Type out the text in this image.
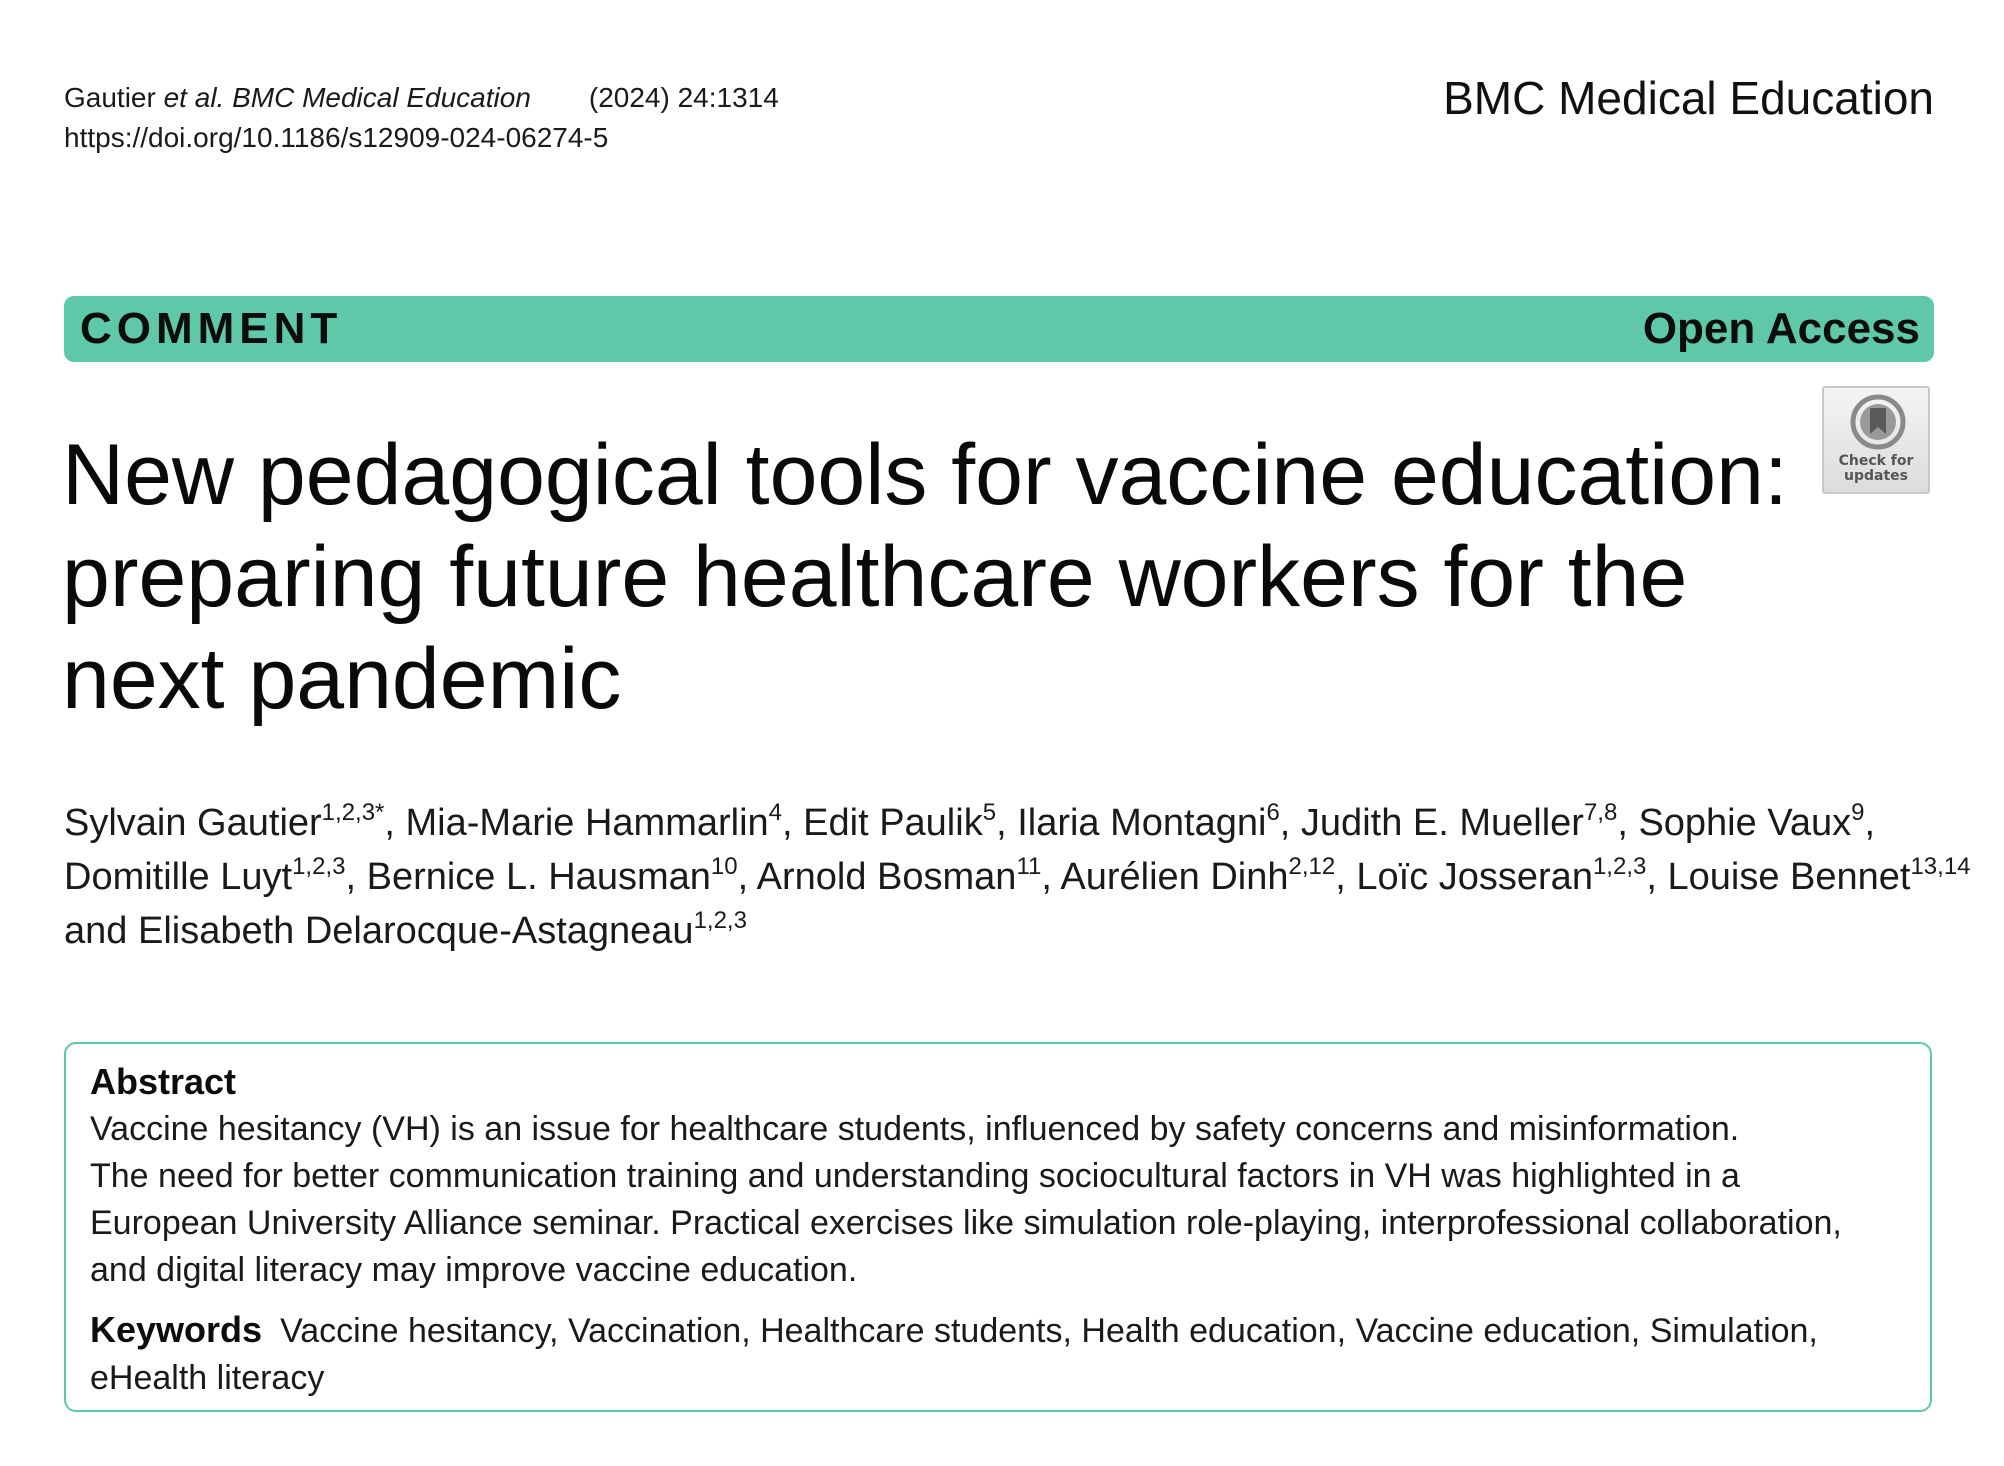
Gautier et al. BMC Medical Education (2024) 24:1314
https://doi.org/10.1186/s12909-024-06274-5
BMC Medical Education
COMMENT	Open Access
Check for
updates
New pedagogical tools for vaccine education:
preparing future healthcare workers for the
next pandemic
Sylvain Gautier$^{1,2,3*}$, Mia-Marie Hammarlin$^4$, Edit Paulik$^5$, Ilaria Montagni$^6$, Judith E. Mueller$^{7,8}$, Sophie Vaux$^9$,
Domitille Luyt$^{1,2,3}$, Bernice L. Hausman$^{10}$, Arnold Bosman$^{11}$, Aurélien Dinh$^{2,12}$, Loïc Josseran$^{1,2,3}$, Louise Bennet$^{13,14}$
and Elisabeth Delarocque-Astagneau$^{1,2,3}$
Abstract
Vaccine hesitancy (VH) is an issue for healthcare students, influenced by safety concerns and misinformation.
The need for better communication training and understanding sociocultural factors in VH was highlighted in a
European University Alliance seminar. Practical exercises like simulation role-playing, interprofessional collaboration,
and digital literacy may improve vaccine education.
Keywords Vaccine hesitancy, Vaccination, Healthcare students, Health education, Vaccine education, Simulation,
eHealth literacy
